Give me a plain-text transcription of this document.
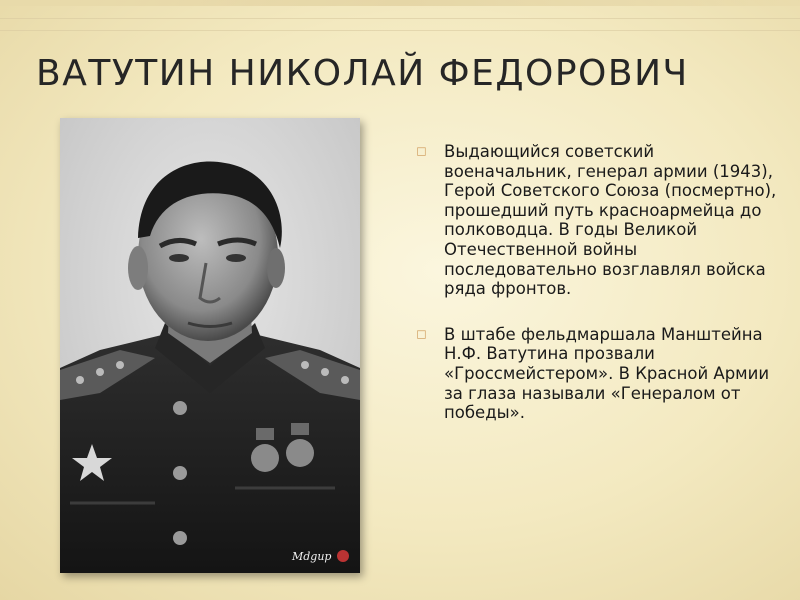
ВАТУТИН НИКОЛАЙ ФЕДОРОВИЧ
Mdgup
◻ Выдающийся советский военачальник, генерал армии (1943), Герой Советского Союза (посмертно), прошедший путь красноармейца до полководца. В годы Великой Отечественной войны последовательно возглавлял войска ряда фронтов.
◻ В штабе фельдмаршала Манштейна Н.Ф. Ватутина прозвали «Гроссмейстером». В Красной Армии за глаза называли «Генералом от победы».
